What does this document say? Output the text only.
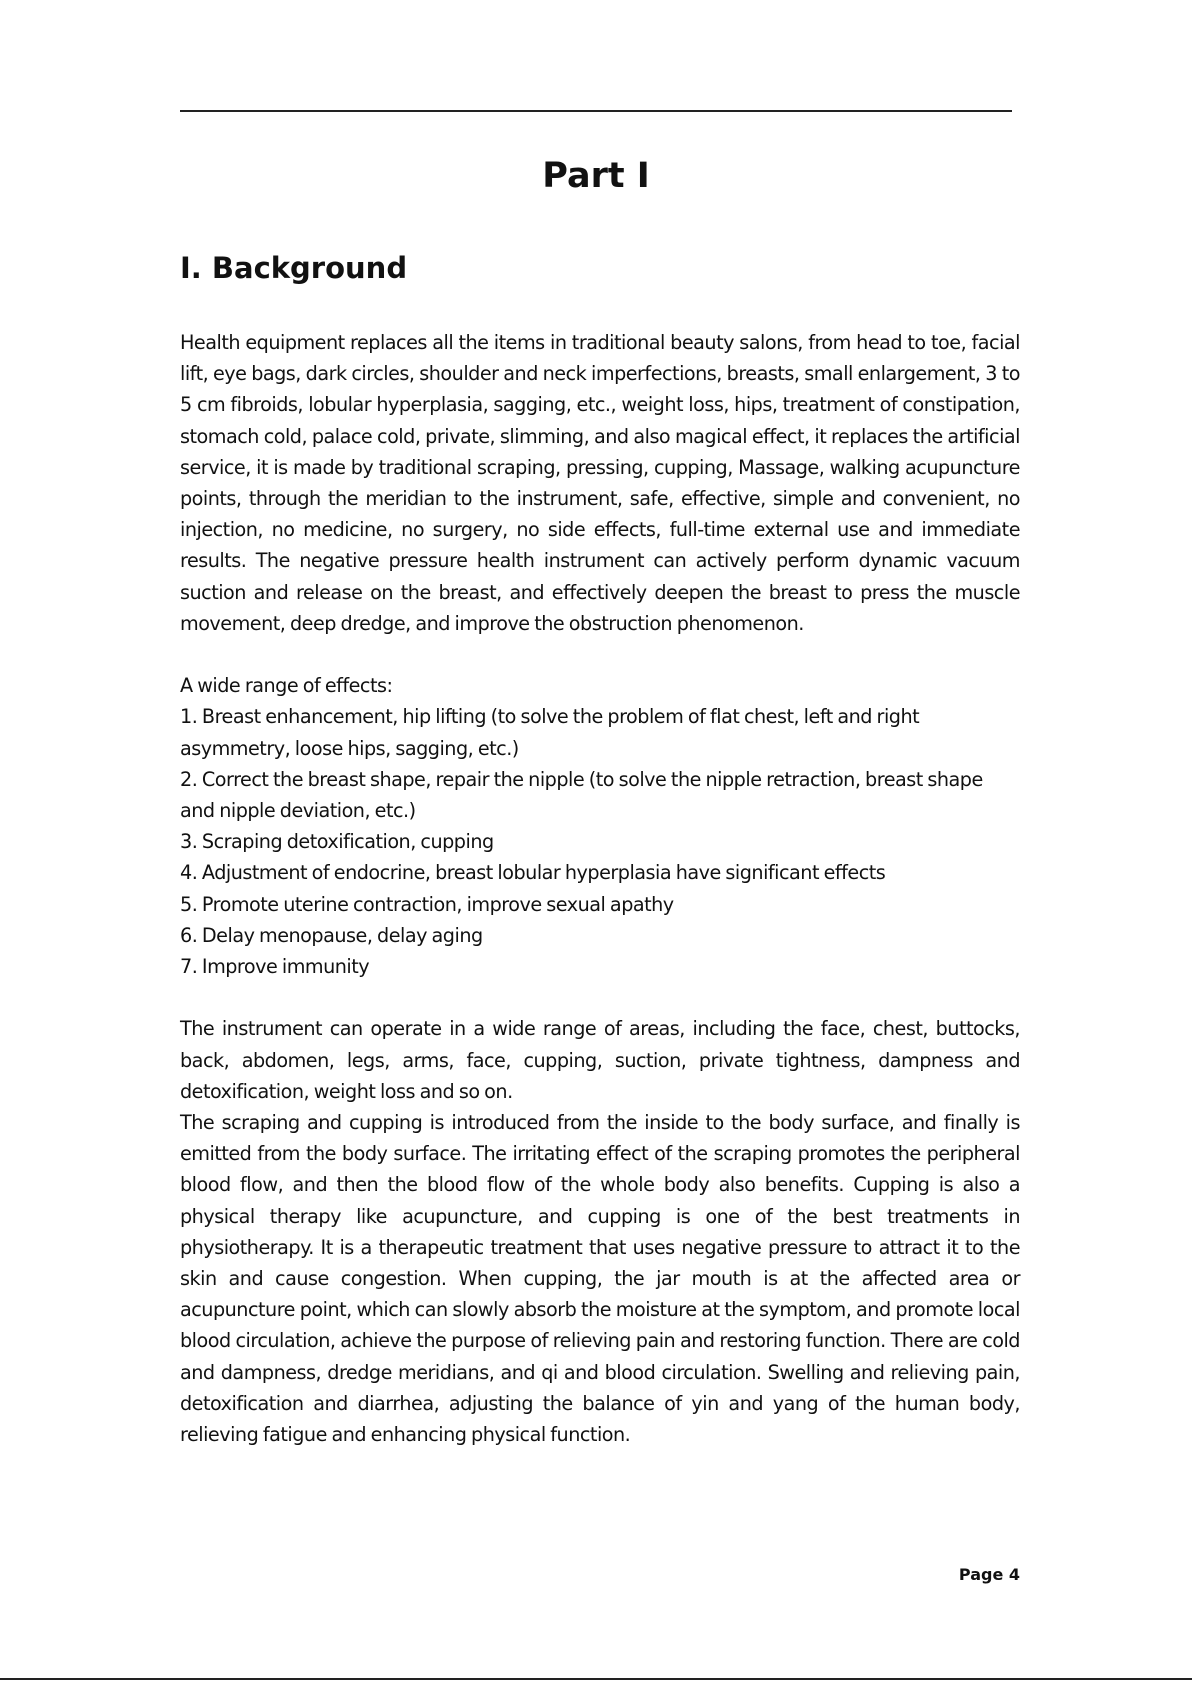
Part I
I. Background

Health equipment replaces all the items in traditional beauty salons, from head to toe, facial lift, eye bags, dark circles, shoulder and neck imperfections, breasts, small enlargement, 3 to 5 cm fibroids, lobular hyperplasia, sagging, etc., weight loss, hips, treatment of constipation, stomach cold, palace cold, private, slimming, and also magical effect, it replaces the artificial service, it is made by traditional scraping, pressing, cupping, Massage, walking acupuncture points, through the meridian to the instrument, safe, effective, simple and convenient, no injection, no medicine, no surgery, no side effects, full-time external use and immediate results. The negative pressure health instrument can actively perform dynamic vacuum suction and release on the breast, and effectively deepen the breast to press the muscle movement, deep dredge, and improve the obstruction phenomenon.

A wide range of effects:

1. Breast enhancement, hip lifting (to solve the problem of flat chest, left and right asymmetry, loose hips, sagging, etc.)
2. Correct the breast shape, repair the nipple (to solve the nipple retraction, breast shape and nipple deviation, etc.)
3. Scraping detoxification, cupping
4. Adjustment of endocrine, breast lobular hyperplasia have significant effects
5. Promote uterine contraction, improve sexual apathy
6. Delay menopause, delay aging
7. Improve immunity

The instrument can operate in a wide range of areas, including the face, chest, buttocks, back, abdomen, legs, arms, face, cupping, suction, private tightness, dampness and detoxification, weight loss and so on.

The scraping and cupping is introduced from the inside to the body surface, and finally is emitted from the body surface. The irritating effect of the scraping promotes the peripheral blood flow, and then the blood flow of the whole body also benefits. Cupping is also a physical therapy like acupuncture, and cupping is one of the best treatments in physiotherapy. It is a therapeutic treatment that uses negative pressure to attract it to the skin and cause congestion. When cupping, the jar mouth is at the affected area or acupuncture point, which can slowly absorb the moisture at the symptom, and promote local blood circulation, achieve the purpose of relieving pain and restoring function. There are cold and dampness, dredge meridians, and qi and blood circulation. Swelling and relieving pain, detoxification and diarrhea, adjusting the balance of yin and yang of the human body, relieving fatigue and enhancing physical function.

Page 4
